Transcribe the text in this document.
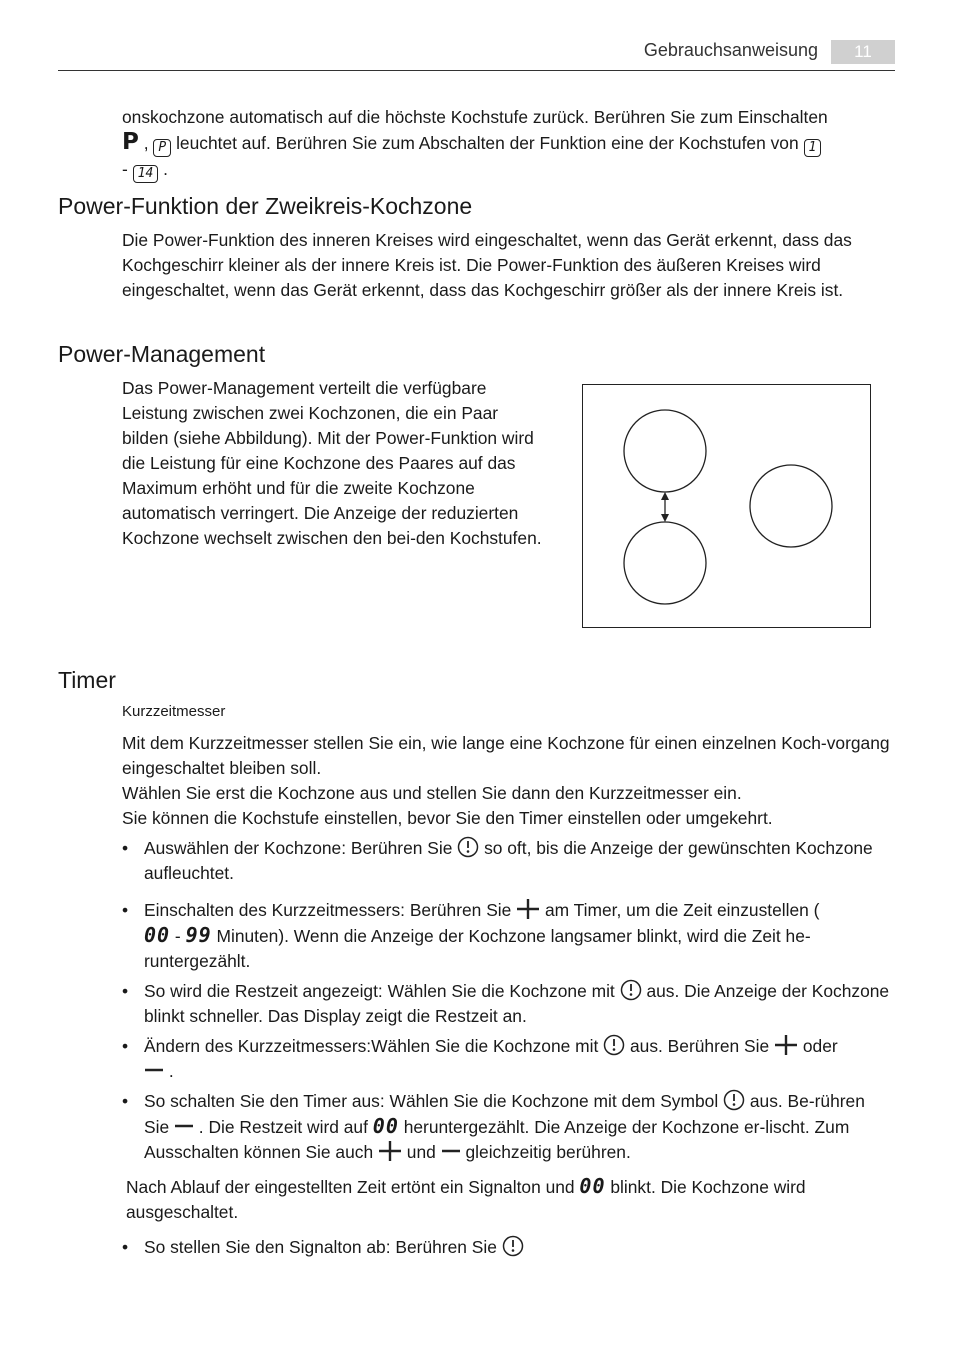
Gebrauchsanweisung	11
onskochzone automatisch auf die höchste Kochstufe zurück. Berühren Sie zum Einschalten
P , P leuchtet auf. Berühren Sie zum Abschalten der Funktion eine der Kochstufen von 1
- 14 .
Power-Funktion der Zweikreis-Kochzone
Die Power-Funktion des inneren Kreises wird eingeschaltet, wenn das Gerät erkennt, dass das Kochgeschirr kleiner als der innere Kreis ist. Die Power-Funktion des äußeren Kreises wird eingeschaltet, wenn das Gerät erkennt, dass das Kochgeschirr größer als der innere Kreis ist.
Power-Management
Das Power-Management verteilt die verfügbare Leistung zwischen zwei Kochzonen, die ein Paar bilden (siehe Abbildung). Mit der Power-Funktion wird die Leistung für eine Kochzone des Paares auf das Maximum erhöht und für die zweite Kochzone automatisch verringert. Die Anzeige der reduzierten Kochzone wechselt zwischen den bei-den Kochstufen.
Timer
Kurzzeitmesser
Mit dem Kurzzeitmesser stellen Sie ein, wie lange eine Kochzone für einen einzelnen Koch-vorgang eingeschaltet bleiben soll.
Wählen Sie erst die Kochzone aus und stellen Sie dann den Kurzzeitmesser ein.
Sie können die Kochstufe einstellen, bevor Sie den Timer einstellen oder umgekehrt.
• Auswählen der Kochzone: Berühren Sie  so oft, bis die Anzeige der gewünschten Kochzone aufleuchtet.
• Einschalten des Kurzzeitmessers: Berühren Sie  am Timer, um die Zeit einzustellen (
00 - 99 Minuten). Wenn die Anzeige der Kochzone langsamer blinkt, wird die Zeit he-runtergezählt.
• So wird die Restzeit angezeigt: Wählen Sie die Kochzone mit  aus. Die Anzeige der Kochzone blinkt schneller. Das Display zeigt die Restzeit an.
• Ändern des Kurzzeitmessers:Wählen Sie die Kochzone mit  aus. Berühren Sie  oder
.
• So schalten Sie den Timer aus: Wählen Sie die Kochzone mit dem Symbol  aus. Be-rühren Sie  . Die Restzeit wird auf 00 heruntergezählt. Die Anzeige der Kochzone er-lischt. Zum Ausschalten können Sie auch  und  gleichzeitig berühren.
Nach Ablauf der eingestellten Zeit ertönt ein Signalton und 00 blinkt. Die Kochzone wird ausgeschaltet.
• So stellen Sie den Signalton ab: Berühren Sie
